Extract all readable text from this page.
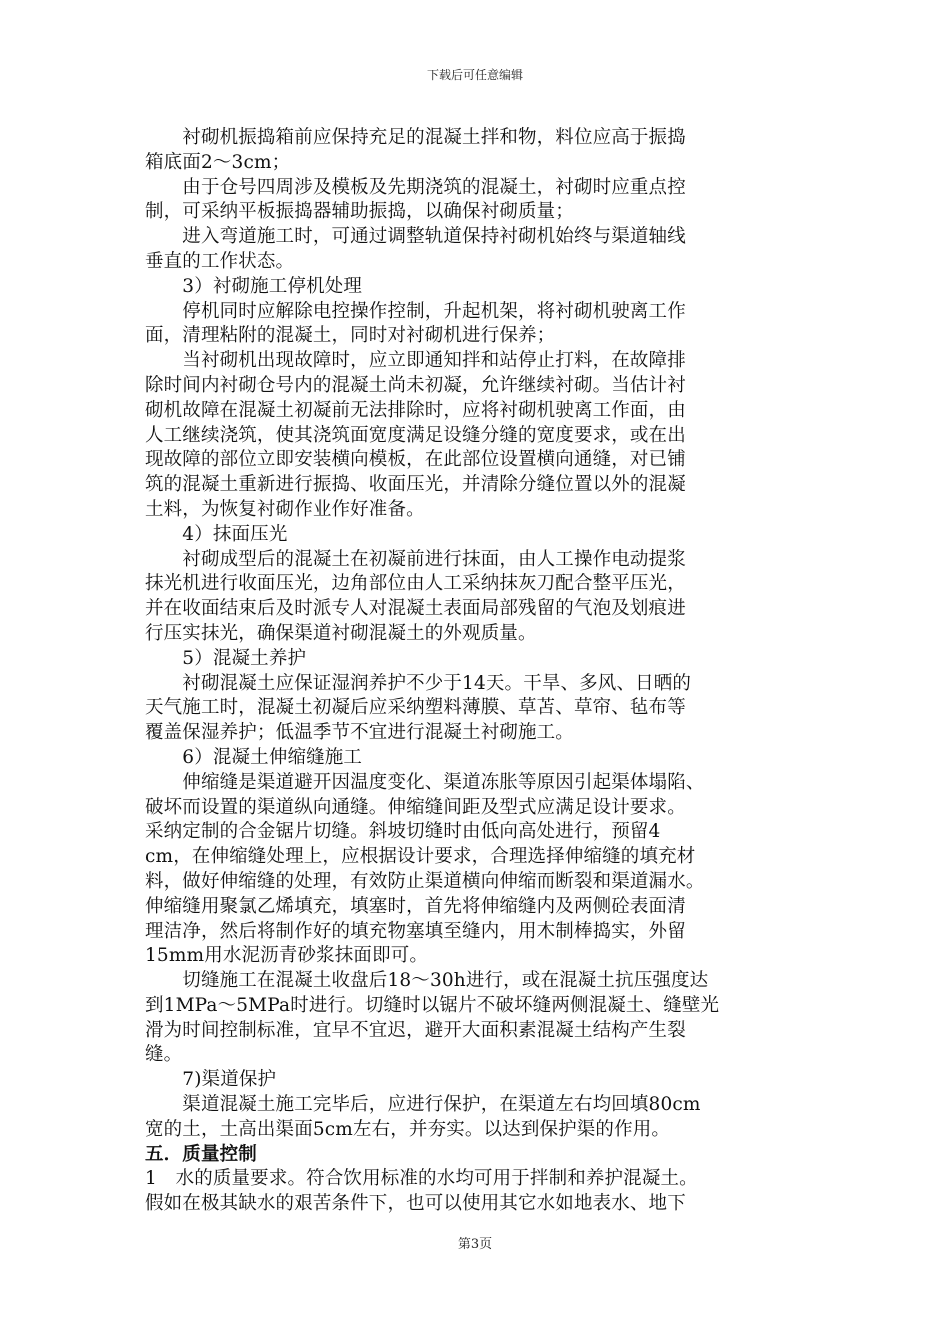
下载后可任意编辑

　　衬砌机振捣箱前应保持充足的混凝土拌和物，料位应高于振捣

箱底面2～3cm；

　　由于仓号四周涉及模板及先期浇筑的混凝土，衬砌时应重点控

制，可采纳平板振捣器辅助振捣，以确保衬砌质量；

　　进入弯道施工时，可通过调整轨道保持衬砌机始终与渠道轴线

垂直的工作状态。

　　3）衬砌施工停机处理

　　停机同时应解除电控操作控制，升起机架，将衬砌机驶离工作

面，清理粘附的混凝土，同时对衬砌机进行保养；

　　当衬砌机出现故障时，应立即通知拌和站停止打料，在故障排

除时间内衬砌仓号内的混凝土尚未初凝，允许继续衬砌。当估计衬

砌机故障在混凝土初凝前无法排除时，应将衬砌机驶离工作面，由

人工继续浇筑，使其浇筑面宽度满足设缝分缝的宽度要求，或在出

现故障的部位立即安装横向模板，在此部位设置横向通缝，对已铺

筑的混凝土重新进行振捣、收面压光，并清除分缝位置以外的混凝

土料，为恢复衬砌作业作好准备。

　　4）抹面压光

　　衬砌成型后的混凝土在初凝前进行抹面，由人工操作电动提浆

抹光机进行收面压光，边角部位由人工采纳抹灰刀配合整平压光，

并在收面结束后及时派专人对混凝土表面局部残留的气泡及划痕进

行压实抹光，确保渠道衬砌混凝土的外观质量。

　　5）混凝土养护

　　衬砌混凝土应保证湿润养护不少于14天。干旱、多风、日晒的

天气施工时，混凝土初凝后应采纳塑料薄膜、草苫、草帘、毡布等

覆盖保湿养护；低温季节不宜进行混凝土衬砌施工。

　　6）混凝土伸缩缝施工

　　伸缩缝是渠道避开因温度变化、渠道冻胀等原因引起渠体塌陷、

破坏而设置的渠道纵向通缝。伸缩缝间距及型式应满足设计要求。

采纳定制的合金锯片切缝。斜坡切缝时由低向高处进行，预留4

cm，在伸缩缝处理上，应根据设计要求，合理选择伸缩缝的填充材

料，做好伸缩缝的处理，有效防止渠道横向伸缩而断裂和渠道漏水。

伸缩缝用聚氯乙烯填充，填塞时，首先将伸缩缝内及两侧砼表面清

理洁净，然后将制作好的填充物塞填至缝内，用木制棒捣实，外留

15mm用水泥沥青砂浆抹面即可。

　　切缝施工在混凝土收盘后18～30h进行，或在混凝土抗压强度达

到1MPa～5MPa时进行。切缝时以锯片不破坏缝两侧混凝土、缝壁光

滑为时间控制标准，宜早不宜迟，避开大面积素混凝土结构产生裂

缝。

　　7)渠道保护

　　渠道混凝土施工完毕后，应进行保护，在渠道左右均回填80cm

宽的土，土高出渠面5cm左右，并夯实。以达到保护渠的作用。

五．质量控制

1　水的质量要求。符合饮用标准的水均可用于拌制和养护混凝土。

假如在极其缺水的艰苦条件下，也可以使用其它水如地表水、地下

第3页
